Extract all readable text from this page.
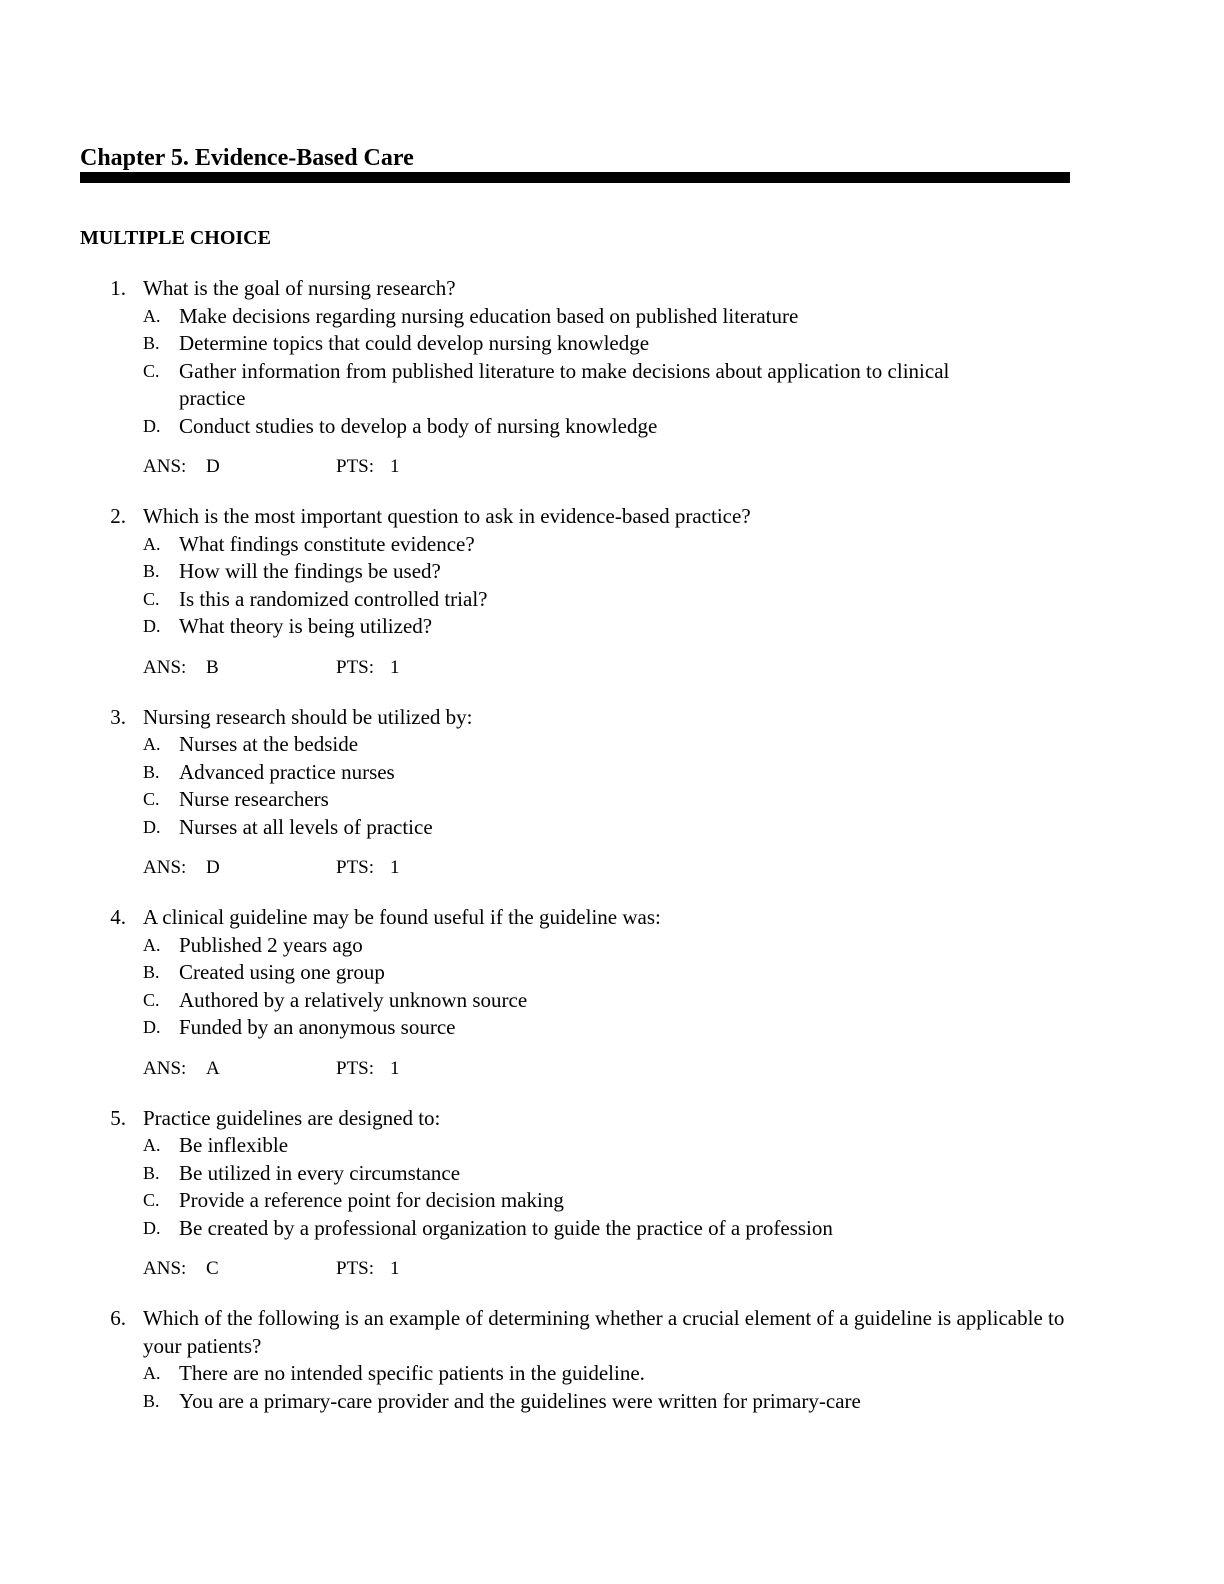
Chapter 5. Evidence-Based Care
MULTIPLE CHOICE
1. What is the goal of nursing research?
A. Make decisions regarding nursing education based on published literature
B. Determine topics that could develop nursing knowledge
C. Gather information from published literature to make decisions about application to clinical practice
D. Conduct studies to develop a body of nursing knowledge
ANS: D	PTS: 1
2. Which is the most important question to ask in evidence-based practice?
A. What findings constitute evidence?
B. How will the findings be used?
C. Is this a randomized controlled trial?
D. What theory is being utilized?
ANS: B	PTS: 1
3. Nursing research should be utilized by:
A. Nurses at the bedside
B. Advanced practice nurses
C. Nurse researchers
D. Nurses at all levels of practice
ANS: D	PTS: 1
4. A clinical guideline may be found useful if the guideline was:
A. Published 2 years ago
B. Created using one group
C. Authored by a relatively unknown source
D. Funded by an anonymous source
ANS: A	PTS: 1
5. Practice guidelines are designed to:
A. Be inflexible
B. Be utilized in every circumstance
C. Provide a reference point for decision making
D. Be created by a professional organization to guide the practice of a profession
ANS: C	PTS: 1
6. Which of the following is an example of determining whether a crucial element of a guideline is applicable to your patients?
A. There are no intended specific patients in the guideline.
B. You are a primary-care provider and the guidelines were written for primary-care
